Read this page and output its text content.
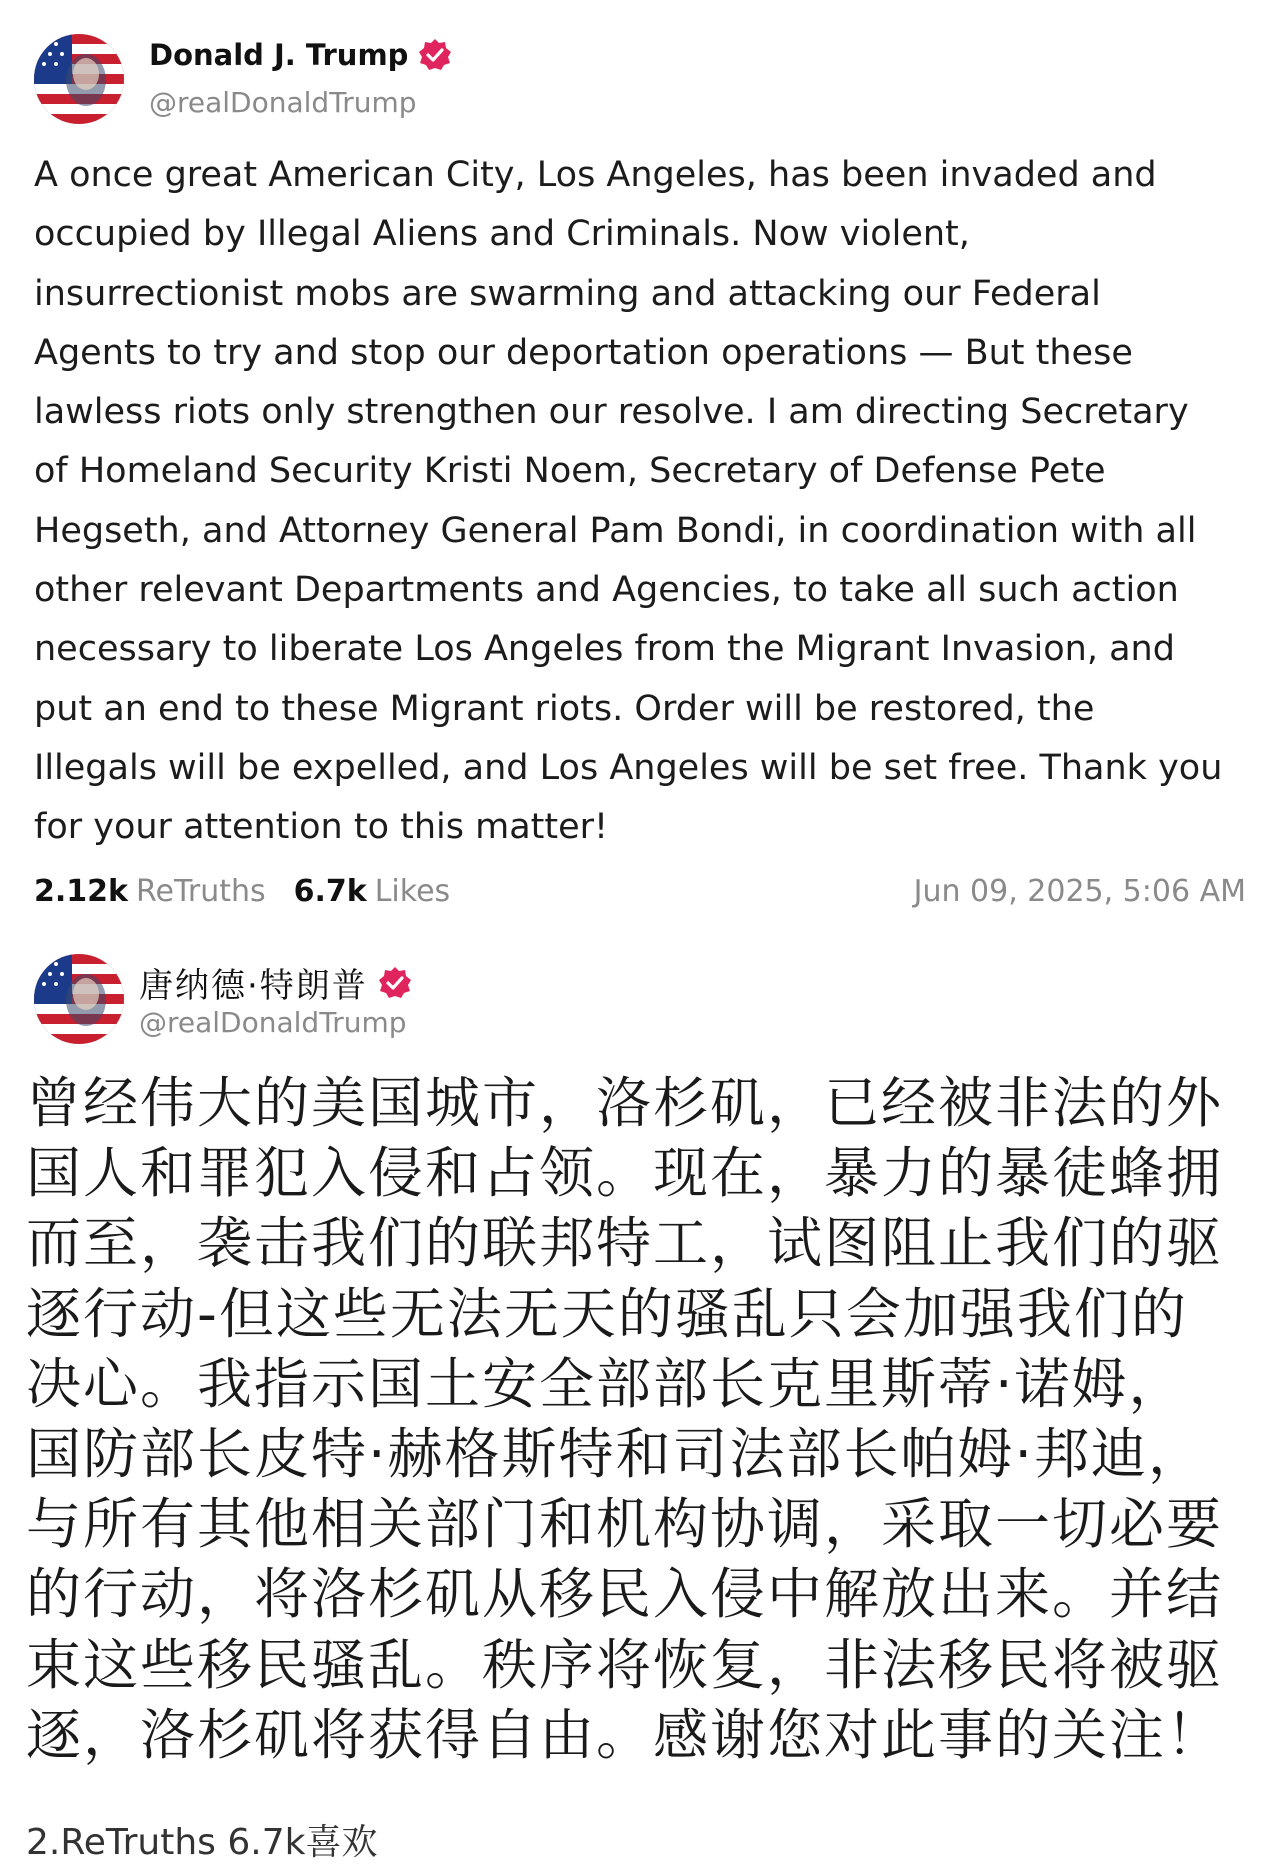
Donald J. Trump
@realDonaldTrump

A once great American City, Los Angeles, has been invaded and
occupied by Illegal Aliens and Criminals. Now violent,
insurrectionist mobs are swarming and attacking our Federal
Agents to try and stop our deportation operations — But these
lawless riots only strengthen our resolve. I am directing Secretary
of Homeland Security Kristi Noem, Secretary of Defense Pete
Hegseth, and Attorney General Pam Bondi, in coordination with all
other relevant Departments and Agencies, to take all such action
necessary to liberate Los Angeles from the Migrant Invasion, and
put an end to these Migrant riots. Order will be restored, the
Illegals will be expelled, and Los Angeles will be set free. Thank you
for your attention to this matter!

2.12k ReTruths 6.7k Likes	Jun 09, 2025, 5:06 AM
唐纳德·特朗普
@realDonaldTrump

曾经伟大的美国城市，洛杉矶，已经被非法的外
国人和罪犯入侵和占领。现在，暴力的暴徒蜂拥
而至，袭击我们的联邦特工，试图阻止我们的驱
逐行动-但这些无法无天的骚乱只会加强我们的
决心。我指示国土安全部部长克里斯蒂·诺姆，
国防部长皮特·赫格斯特和司法部长帕姆·邦迪，
与所有其他相关部门和机构协调，采取一切必要
的行动，将洛杉矶从移民入侵中解放出来。并结
束这些移民骚乱。秩序将恢复，非法移民将被驱
逐，洛杉矶将获得自由。感谢您对此事的关注！

2.ReTruths 6.7k喜欢
